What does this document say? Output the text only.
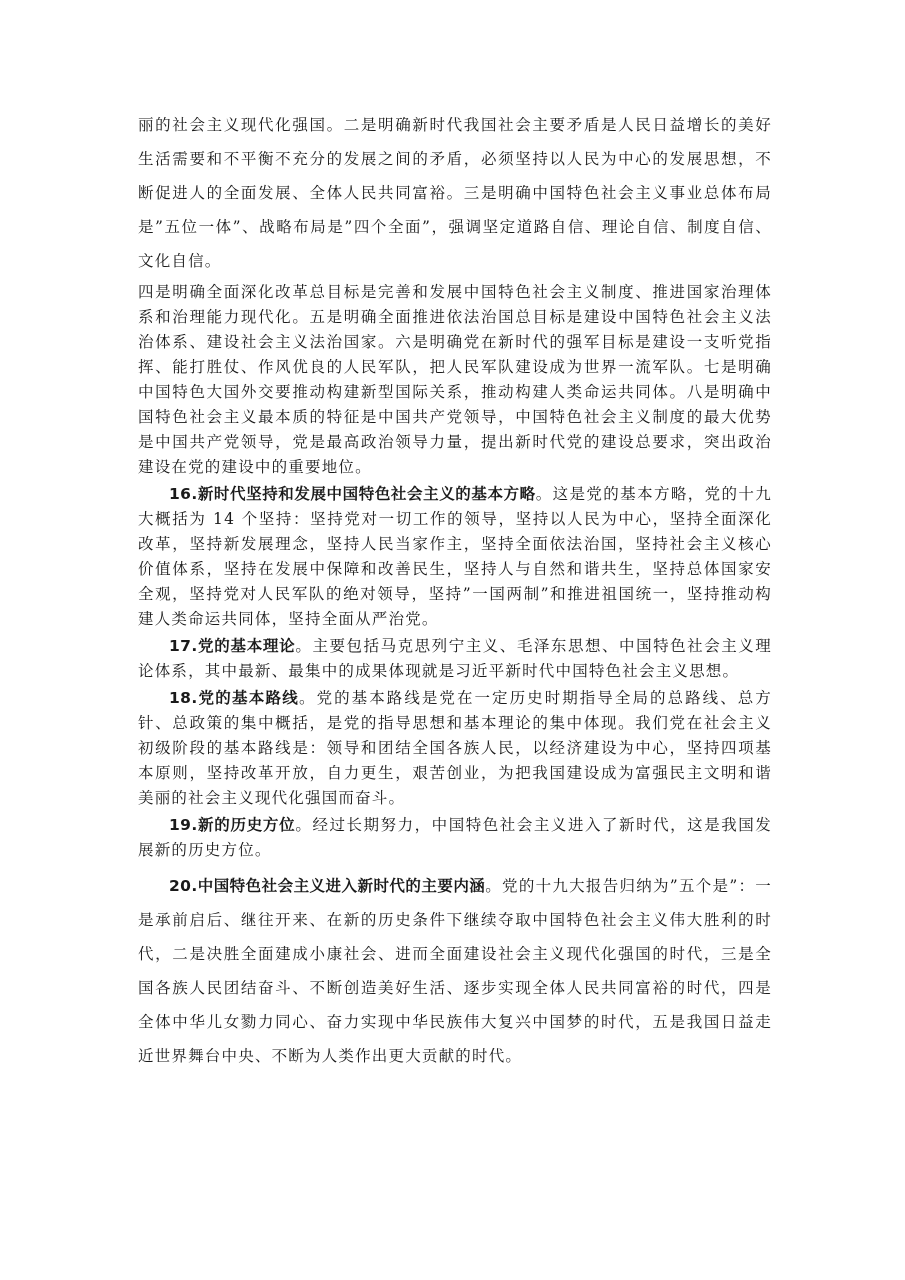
丽的社会主义现代化强国。二是明确新时代我国社会主要矛盾是人民日益增长的美好生活需要和不平衡不充分的发展之间的矛盾，必须坚持以人民为中心的发展思想，不断促进人的全面发展、全体人民共同富裕。三是明确中国特色社会主义事业总体布局是”五位一体”、战略布局是”四个全面”，强调坚定道路自信、理论自信、制度自信、文化自信。

四是明确全面深化改革总目标是完善和发展中国特色社会主义制度、推进国家治理体系和治理能力现代化。五是明确全面推进依法治国总目标是建设中国特色社会主义法治体系、建设社会主义法治国家。六是明确党在新时代的强军目标是建设一支听党指挥、能打胜仗、作风优良的人民军队，把人民军队建设成为世界一流军队。七是明确中国特色大国外交要推动构建新型国际关系，推动构建人类命运共同体。八是明确中国特色社会主义最本质的特征是中国共产党领导，中国特色社会主义制度的最大优势是中国共产党领导，党是最高政治领导力量，提出新时代党的建设总要求，突出政治建设在党的建设中的重要地位。

16.新时代坚持和发展中国特色社会主义的基本方略。这是党的基本方略，党的十九大概括为 14 个坚持：坚持党对一切工作的领导，坚持以人民为中心，坚持全面深化改革，坚持新发展理念，坚持人民当家作主，坚持全面依法治国，坚持社会主义核心价值体系，坚持在发展中保障和改善民生，坚持人与自然和谐共生，坚持总体国家安全观，坚持党对人民军队的绝对领导，坚持”一国两制”和推进祖国统一，坚持推动构建人类命运共同体，坚持全面从严治党。

17.党的基本理论。主要包括马克思列宁主义、毛泽东思想、中国特色社会主义理论体系，其中最新、最集中的成果体现就是习近平新时代中国特色社会主义思想。

18.党的基本路线。党的基本路线是党在一定历史时期指导全局的总路线、总方针、总政策的集中概括，是党的指导思想和基本理论的集中体现。我们党在社会主义初级阶段的基本路线是：领导和团结全国各族人民，以经济建设为中心，坚持四项基本原则，坚持改革开放，自力更生，艰苦创业，为把我国建设成为富强民主文明和谐美丽的社会主义现代化强国而奋斗。

19.新的历史方位。经过长期努力，中国特色社会主义进入了新时代，这是我国发展新的历史方位。

20.中国特色社会主义进入新时代的主要内涵。党的十九大报告归纳为”五个是”：一是承前启后、继往开来、在新的历史条件下继续夺取中国特色社会主义伟大胜利的时代，二是决胜全面建成小康社会、进而全面建设社会主义现代化强国的时代，三是全国各族人民团结奋斗、不断创造美好生活、逐步实现全体人民共同富裕的时代，四是全体中华儿女勠力同心、奋力实现中华民族伟大复兴中国梦的时代，五是我国日益走近世界舞台中央、不断为人类作出更大贡献的时代。
